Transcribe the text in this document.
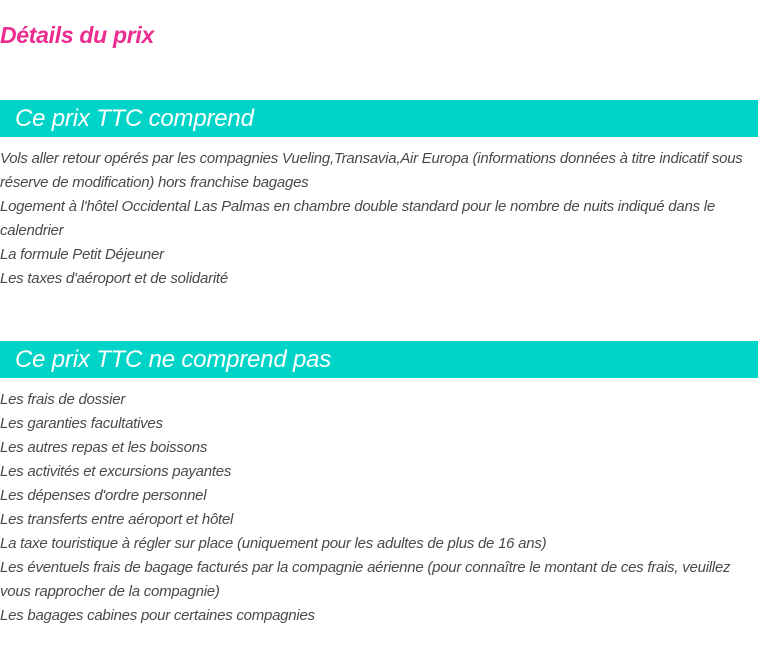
Détails du prix
Ce prix TTC comprend
Vols aller retour opérés par les compagnies Vueling,Transavia,Air Europa (informations données à titre indicatif sous réserve de modification) hors franchise bagages
Logement à l'hôtel Occidental Las Palmas en chambre double standard pour le nombre de nuits indiqué dans le calendrier
La formule Petit Déjeuner
Les taxes d'aéroport et de solidarité
Ce prix TTC ne comprend pas
Les frais de dossier
Les garanties facultatives
Les autres repas et les boissons
Les activités et excursions payantes
Les dépenses d'ordre personnel
Les transferts entre aéroport et hôtel
La taxe touristique à régler sur place (uniquement pour les adultes de plus de 16 ans)
Les éventuels frais de bagage facturés par la compagnie aérienne (pour connaître le montant de ces frais, veuillez vous rapprocher de la compagnie)
Les bagages cabines pour certaines compagnies
